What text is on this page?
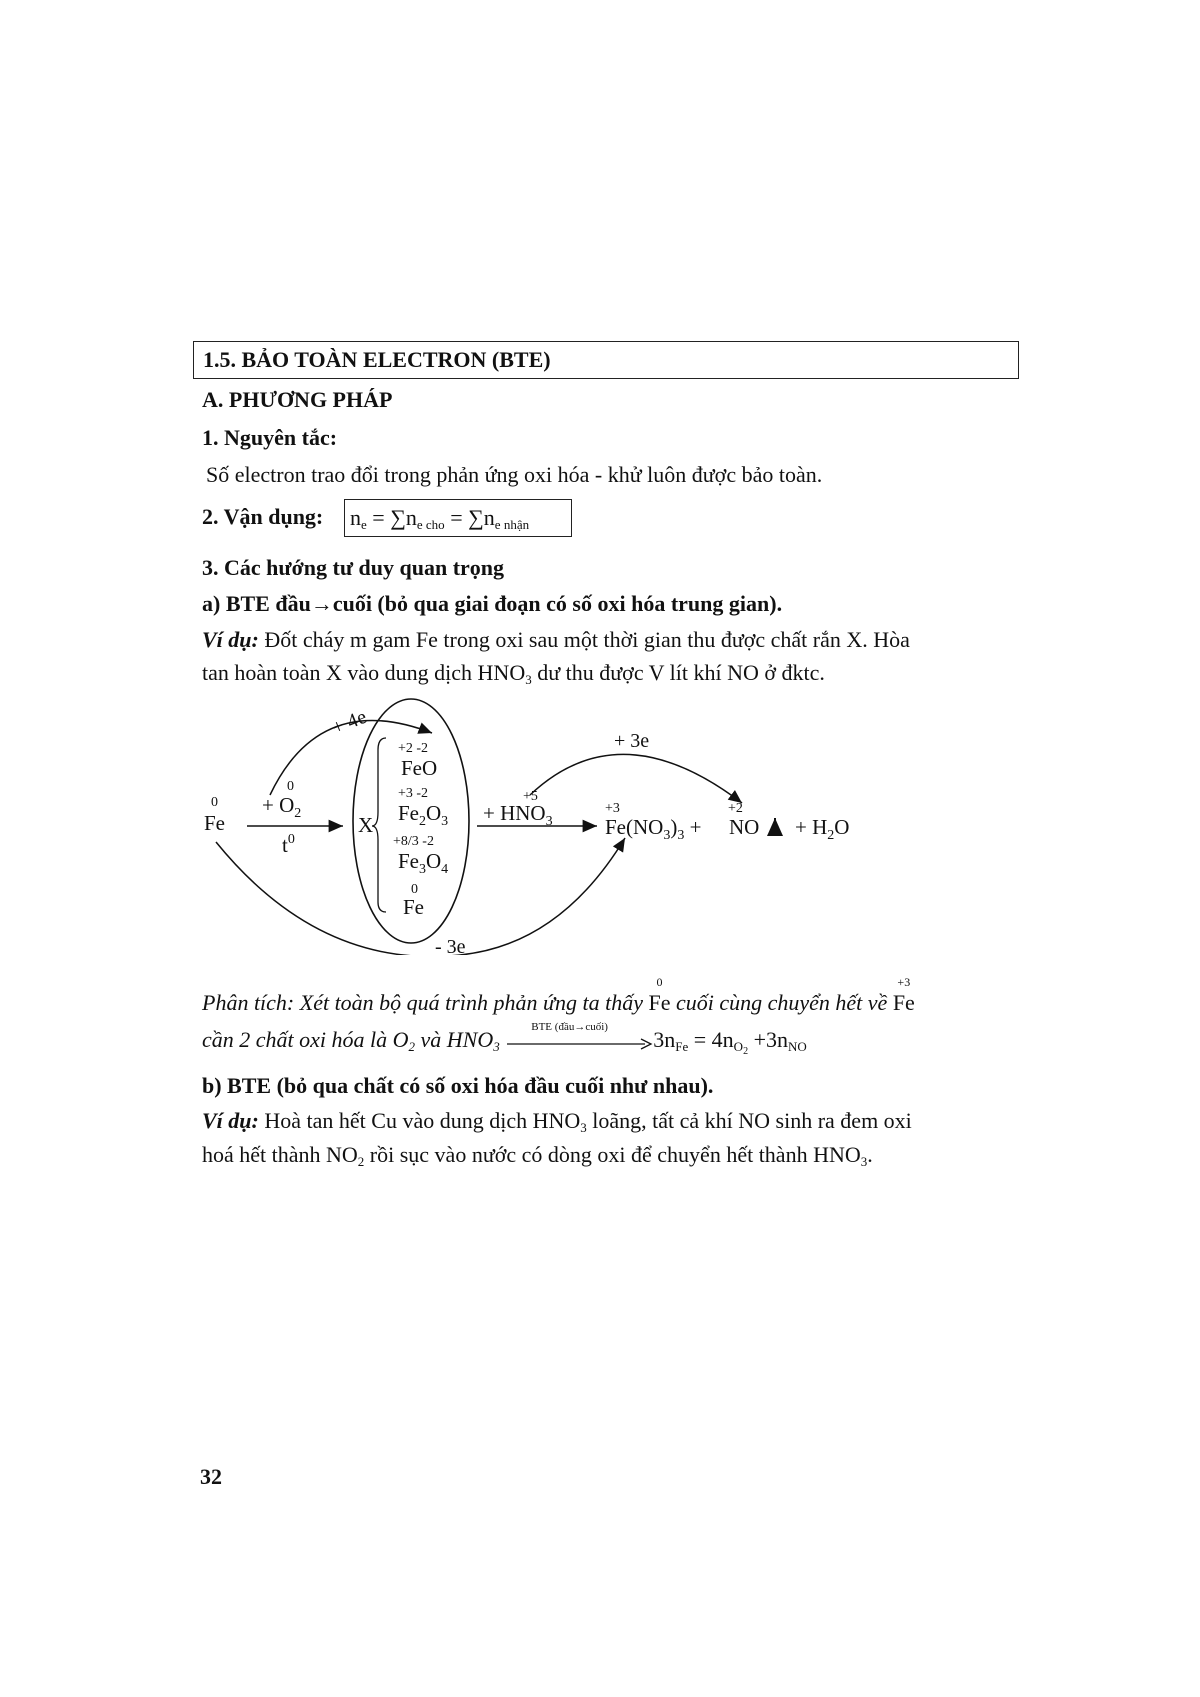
1.5. BẢO TOÀN ELECTRON (BTE)
A. PHƯƠNG PHÁP
1. Nguyên tắc:
Số electron trao đổi trong phản ứng oxi hóa - khử luôn được bảo toàn.
2. Vận dụng: $n_e = \sum n_{e cho} = \sum n_{e nhận}$
3. Các hướng tư duy quan trọng
a) BTE đầu→cuối (bỏ qua giai đoạn có số oxi hóa trung gian).
Ví dụ: Đốt cháy m gam Fe trong oxi sau một thời gian thu được chất rắn X. Hòa
tan hoàn toàn X vào dung dịch $HNO_3$ dư thu được V lít khí NO ở đktc.
0
Fe
0
+ $O_2$
$t^0$
X
+2 -2
FeO
+3 -2
$Fe_2O_3$
+8/3 -2
$Fe_3O_4$
0
Fe
+5
+ $HNO_3$
+3
$Fe(NO_3)_3$ +
+2
NO + $H_2O$
+ 4e
+ 3e
- 3e
Phân tích: Xét toàn bộ quá trình phản ứng ta thấy
0
Fe cuối cùng chuyển hết về
+3
Fe
cần 2 chất oxi hóa là $O_2$ và $HNO_3$
BTE (đầu→cuối)
$3n_{Fe} = 4n_{O_2} +3n_{NO}$
b) BTE (bỏ qua chất có số oxi hóa đầu cuối như nhau).
Ví dụ: Hoà tan hết Cu vào dung dịch $HNO_3$ loãng, tất cả khí NO sinh ra đem oxi
hoá hết thành $NO_2$ rồi sục vào nước có dòng oxi để chuyển hết thành $HNO_3$.
32
